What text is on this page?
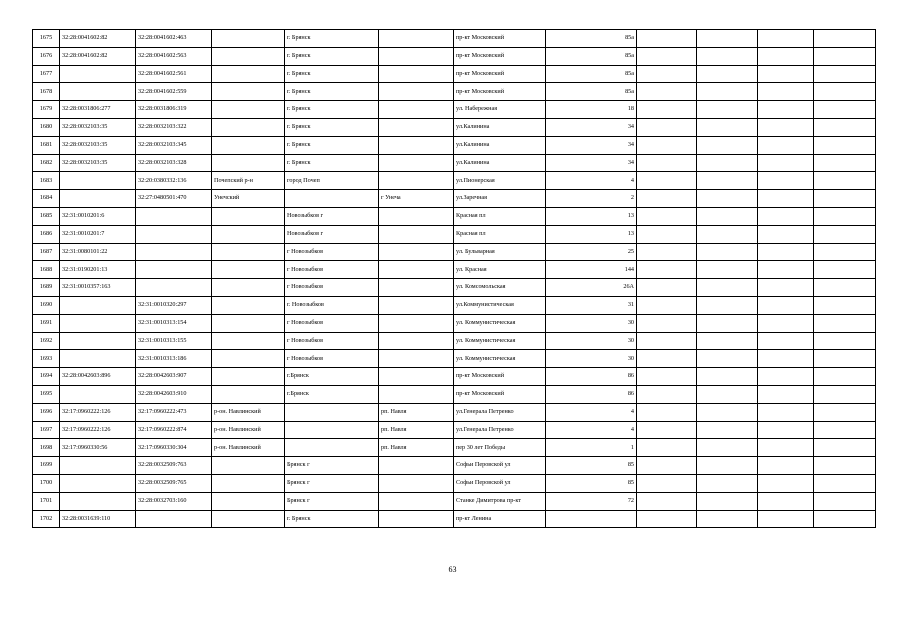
1675	32:28:0041602:82	32:28:0041602:463		г. Брянск		пр-кт Московский	85а				
1676	32:28:0041602:82	32:28:0041602:563		г. Брянск		пр-кт Московский	85а				
1677		32:28:0041602:561		г. Брянск		пр-кт Московский	85а				
1678		32:28:0041602:559		г. Брянск		пр-кт Московский	85а				
1679	32:28:0031806:277	32:28:0031806:319		г. Брянск		ул. Набережная	18				
1680	32:28:0032103:35	32:28:0032103:322		г. Брянск		ул.Калинина	34				
1681	32:28:0032103:35	32:28:0032103:345		г. Брянск		ул.Калинина	34				
1682	32:28:0032103:35	32:28:0032103:328		г. Брянск		ул.Калинина	34				
1683		32:20:0380332:136	Почепский р-н	город Почеп		ул.Пионерская	4				
1684		32:27:0480501:470	Унечский		г Унеча	ул.Заречная	2				
1685	32:31:0010201:6			Новозыбков г		Красная пл	13				
1686	32:31:0010201:7			Новозыбков г		Красная пл	13				
1687	32:31:0080101:22			г Новозыбков		ул. Бульварная	25				
1688	32:31:0190201:13			г Новозыбков		ул. Красная	144				
1689	32:31:0010357:163			г Новозыбков		ул. Комсомольская	26А				
1690		32:31:0010320:297		г. Новозыбков		ул.Коммунистическая	31				
1691		32:31:0010313:154		г Новозыбков		ул. Коммунистическая	30				
1692		32:31:0010313:155		г Новозыбков		ул. Коммунистическая	30				
1693		32:31:0010313:186		г Новозыбков		ул. Коммунистическая	30				
1694	32:28:0042603:896	32:28:0042603:907		г.Брянск		пр-кт Московский	86				
1695		32:28:0042603:910		г.Брянск		пр-кт Московский	86				
1696	32:17:0960222:126	32:17:0960222:473	р-он. Навлинский		рп. Навля	ул.Генерала Петренко	4				
1697	32:17:0960222:126	32:17:0960222:874	р-он. Навлинский		рп. Навля	ул.Генерала Петренко	4				
1698	32:17:0960330:56	32:17:0960330:304	р-он. Навлинский		рп. Навля	пер 30 лет Победы	1				
1699		32:28:0032509:763		Брянск г		Софьи Перовской ул	85				
1700		32:28:0032509:765		Брянск г		Софьи Перовской ул	85				
1701		32:28:0032703:160		Брянск г		Станке Димитрова пр-кт	72				
1702	32:28:0031639:110			г. Брянск		пр-кт Ленина					
63
